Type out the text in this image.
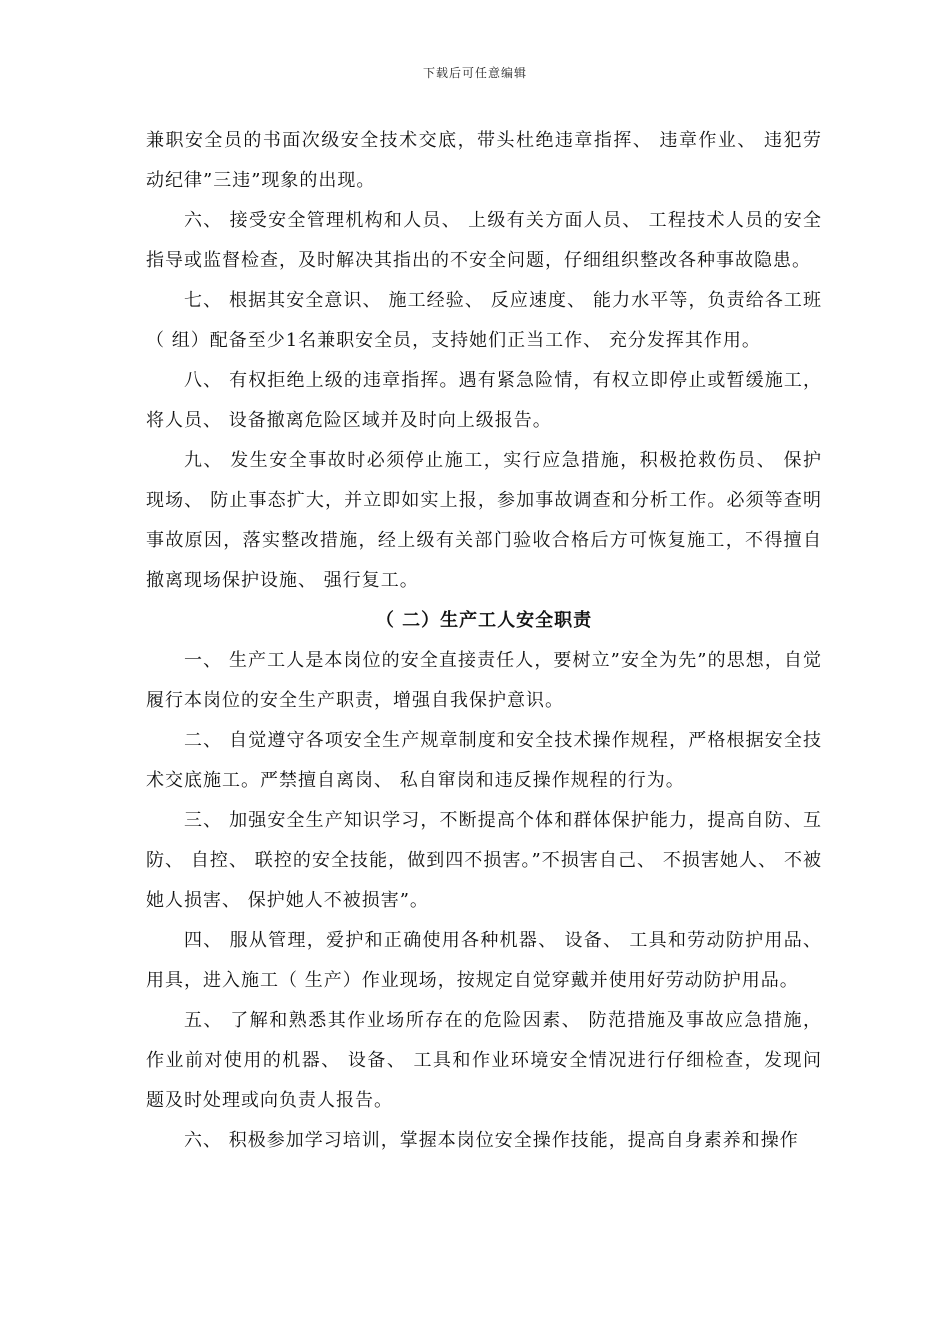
下载后可任意编辑

兼职安全员的书面次级安全技术交底，带头杜绝违章指挥、 违章作业、 违犯劳动纪律”三违”现象的出现。

六、 接受安全管理机构和人员、 上级有关方面人员、 工程技术人员的安全指导或监督检查，及时解决其指出的不安全问题，仔细组织整改各种事故隐患。

七、 根据其安全意识、 施工经验、 反应速度、 能力水平等，负责给各工班（ 组）配备至少1名兼职安全员，支持她们正当工作、 充分发挥其作用。

八、 有权拒绝上级的违章指挥。遇有紧急险情，有权立即停止或暂缓施工， 将人员、 设备撤离危险区域并及时向上级报告。

九、 发生安全事故时必须停止施工，实行应急措施，积极抢救伤员、 保护现场、 防止事态扩大，并立即如实上报，参加事故调查和分析工作。必须等查明事故原因，落实整改措施，经上级有关部门验收合格后方可恢复施工，不得擅自撤离现场保护设施、 强行复工。

（ 二）生产工人安全职责

一、 生产工人是本岗位的安全直接责任人，要树立”安全为先”的思想，自觉履行本岗位的安全生产职责，增强自我保护意识。

二、 自觉遵守各项安全生产规章制度和安全技术操作规程，严格根据安全技术交底施工。严禁擅自离岗、 私自窜岗和违反操作规程的行为。

三、 加强安全生产知识学习，不断提高个体和群体保护能力，提高自防、互防、 自控、 联控的安全技能，做到四不损害。”不损害自己、 不损害她人、 不被她人损害、 保护她人不被损害”。

四、 服从管理，爱护和正确使用各种机器、 设备、 工具和劳动防护用品、 用具，进入施工（ 生产）作业现场，按规定自觉穿戴并使用好劳动防护用品。

五、 了解和熟悉其作业场所存在的危险因素、 防范措施及事故应急措施，作业前对使用的机器、 设备、 工具和作业环境安全情况进行仔细检查，发现问题及时处理或向负责人报告。

六、 积极参加学习培训，掌握本岗位安全操作技能，提高自身素养和操作
